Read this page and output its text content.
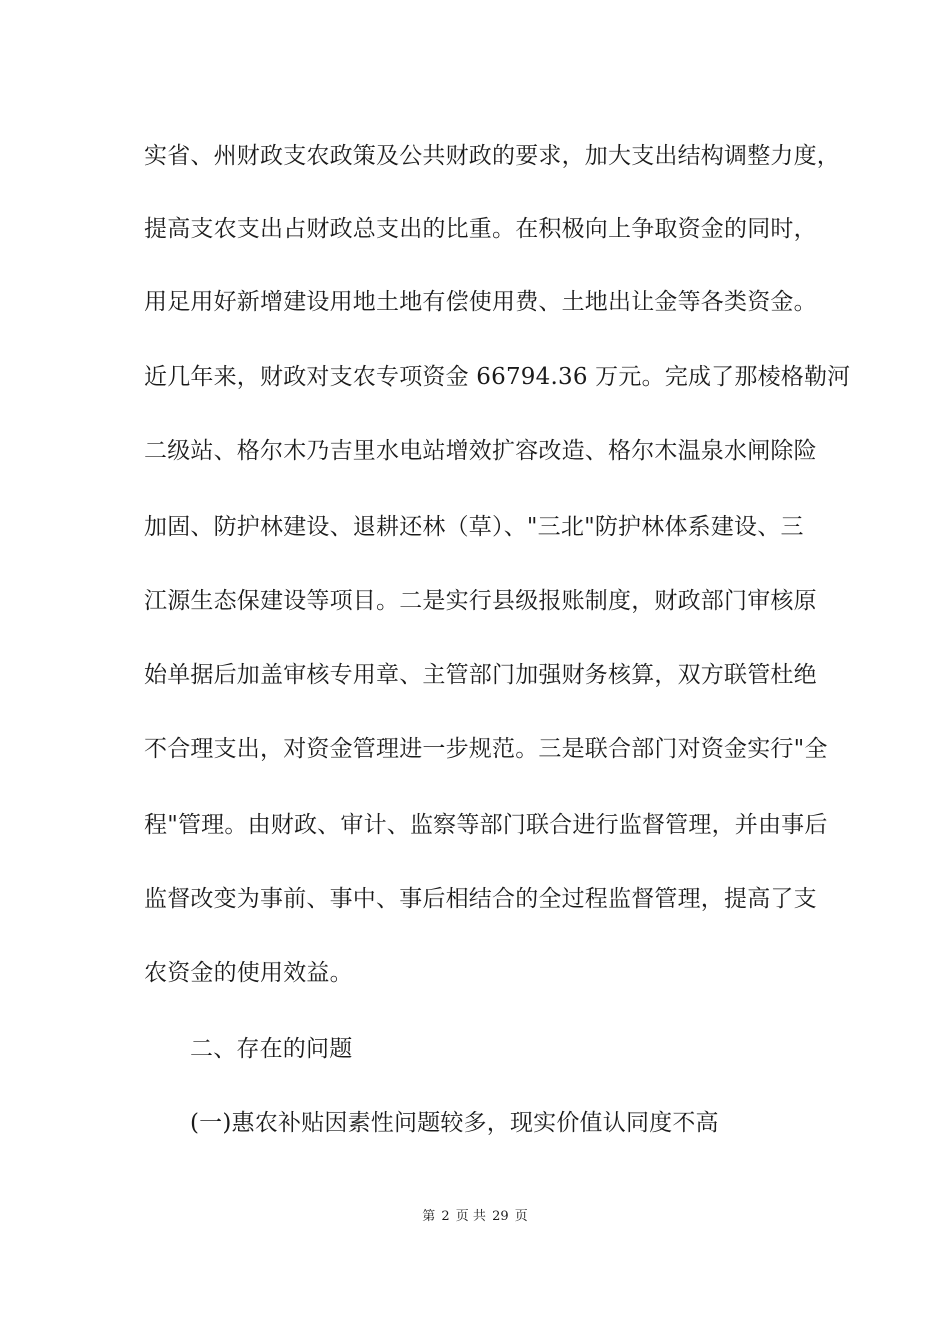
实省、州财政支农政策及公共财政的要求，加大支出结构调整力度，
提高支农支出占财政总支出的比重。在积极向上争取资金的同时，
用足用好新增建设用地土地有偿使用费、土地出让金等各类资金。
近几年来，财政对支农专项资金 66794.36 万元。完成了那棱格勒河
二级站、格尔木乃吉里水电站增效扩容改造、格尔木温泉水闸除险
加固、防护林建设、退耕还林（草）、"三北"防护林体系建设、三
江源生态保建设等项目。二是实行县级报账制度，财政部门审核原
始单据后加盖审核专用章、主管部门加强财务核算，双方联管杜绝
不合理支出，对资金管理进一步规范。三是联合部门对资金实行"全
程"管理。由财政、审计、监察等部门联合进行监督管理，并由事后
监督改变为事前、事中、事后相结合的全过程监督管理，提高了支
农资金的使用效益。
二、存在的问题
(一)惠农补贴因素性问题较多，现实价值认同度不高
第 2 页 共 29 页
